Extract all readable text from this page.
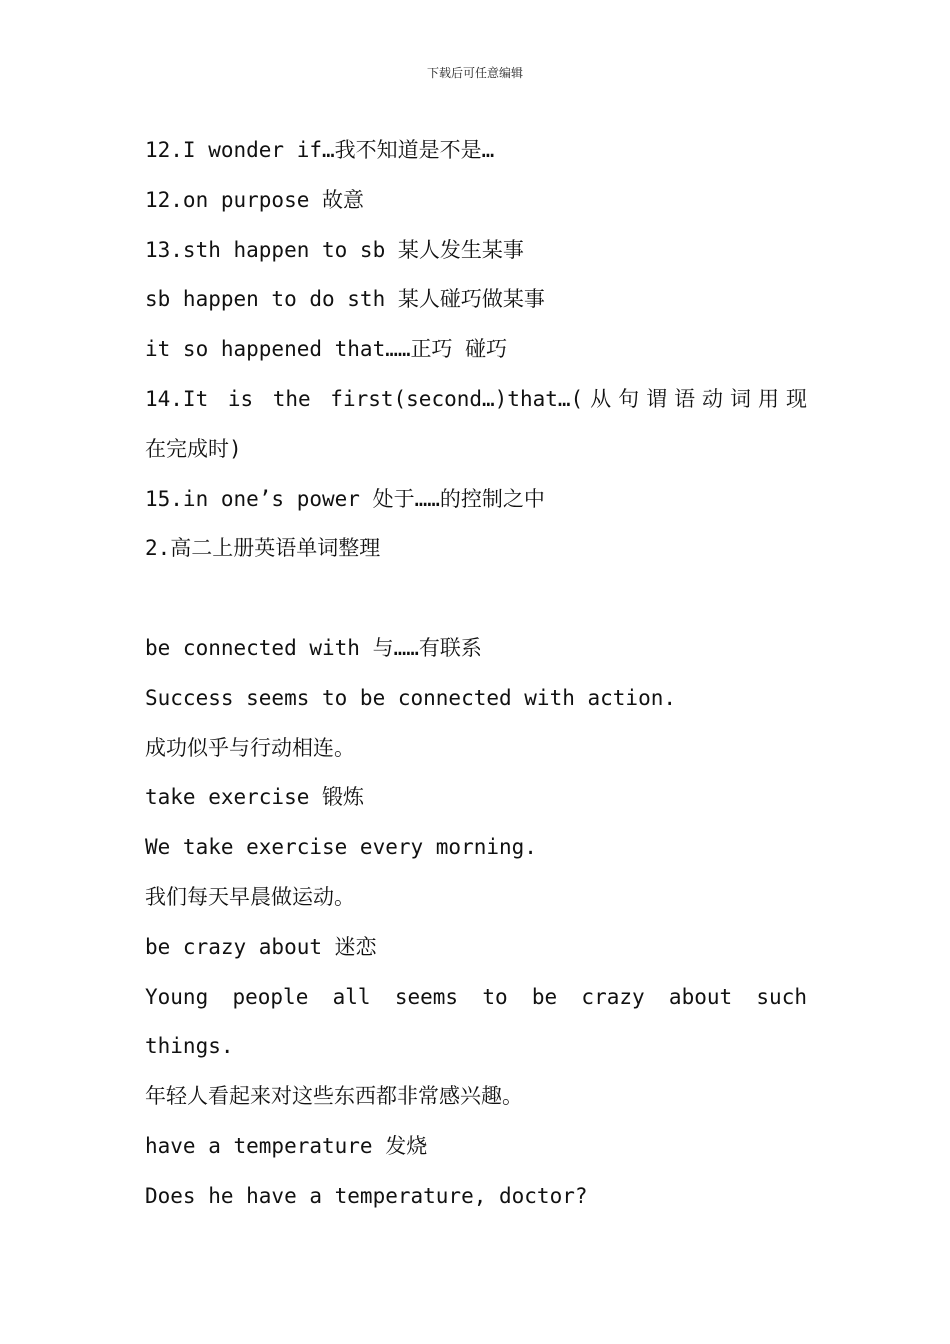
下载后可任意编辑
12.I wonder if…我不知道是不是…
12.on purpose 故意
13.sth happen to sb 某人发生某事
sb happen to do sth 某人碰巧做某事
it so happened that……正巧 碰巧
14.It is the first(second…)that…(从句谓语动词用现
在完成时)
15.in one’s power 处于……的控制之中
2.高二上册英语单词整理
be connected with 与……有联系
Success seems to be connected with action.
成功似乎与行动相连。
take exercise 锻炼
We take exercise every morning.
我们每天早晨做运动。
be crazy about 迷恋
Young people all seems to be crazy about such
things.
年轻人看起来对这些东西都非常感兴趣。
have a temperature 发烧
Does he have a temperature, doctor?
